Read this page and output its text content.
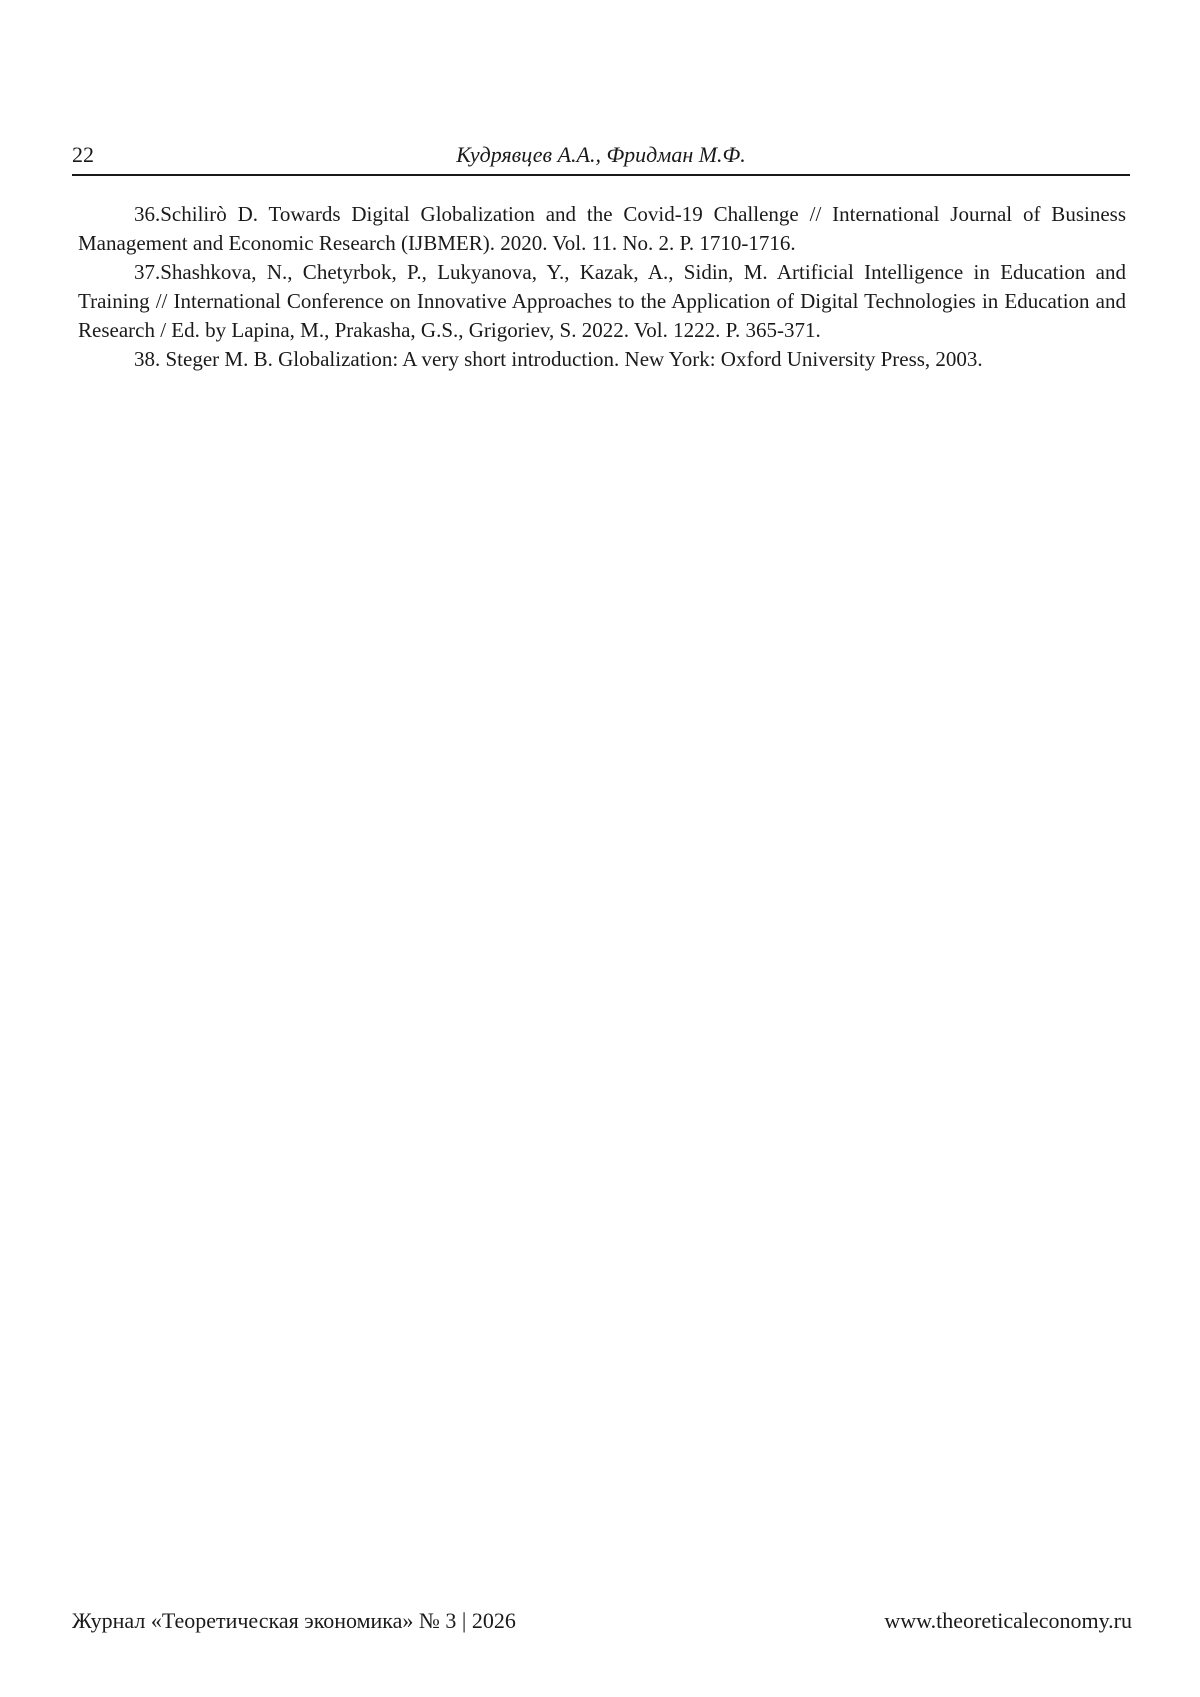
22	Кудрявцев А.А., Фридман М.Ф.

36.Schilirò D. Towards Digital Globalization and the Covid-19 Challenge // International Journal of Business Management and Economic Research (IJBMER). 2020. Vol. 11. No. 2. P. 1710-1716.

37.Shashkova, N., Chetyrbok, P., Lukyanova, Y., Kazak, A., Sidin, M. Artificial Intelligence in Education and Training // International Conference on Innovative Approaches to the Application of Digital Technologies in Education and Research / Ed. by Lapina, M., Prakasha, G.S., Grigoriev, S. 2022. Vol. 1222. P. 365-371.

38. Steger M. B. Globalization: A very short introduction. New York: Oxford University Press, 2003.

Журнал «Теоретическая экономика» № 3 | 2026	www.theoreticaleconomy.ru
